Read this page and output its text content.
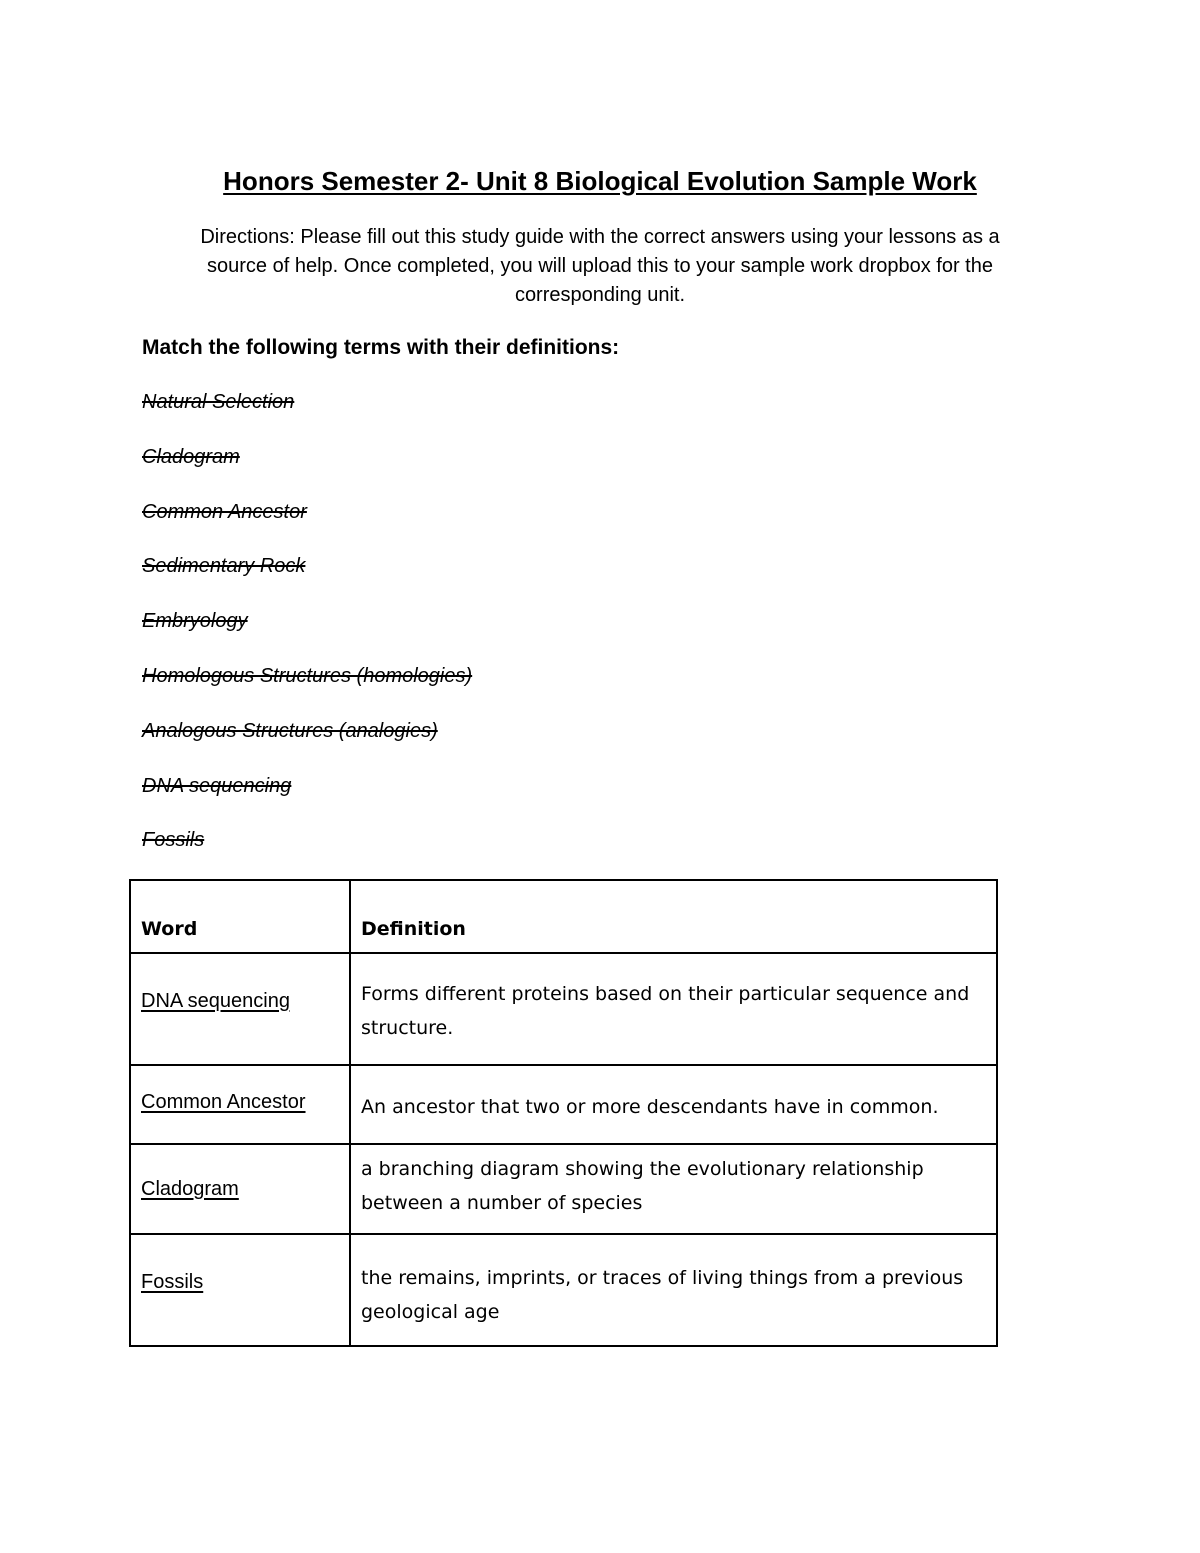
Honors Semester 2- Unit 8 Biological Evolution Sample Work
Directions: Please fill out this study guide with the correct answers using your lessons as a
source of help. Once completed, you will upload this to your sample work dropbox for the
corresponding unit.
Match the following terms with their definitions:
Natural Selection
Cladogram
Common Ancestor
Sedimentary Rock
Embryology
Homologous Structures (homologies)
Analogous Structures (analogies)
DNA sequencing
Fossils
Word	Definition

DNA sequencing	Forms different proteins based on their particular sequence and structure.

Common Ancestor	An ancestor that two or more descendants have in common.

Cladogram	a branching diagram showing the evolutionary relationship between a number of species

Fossils	the remains, imprints, or traces of living things from a previous geological age
